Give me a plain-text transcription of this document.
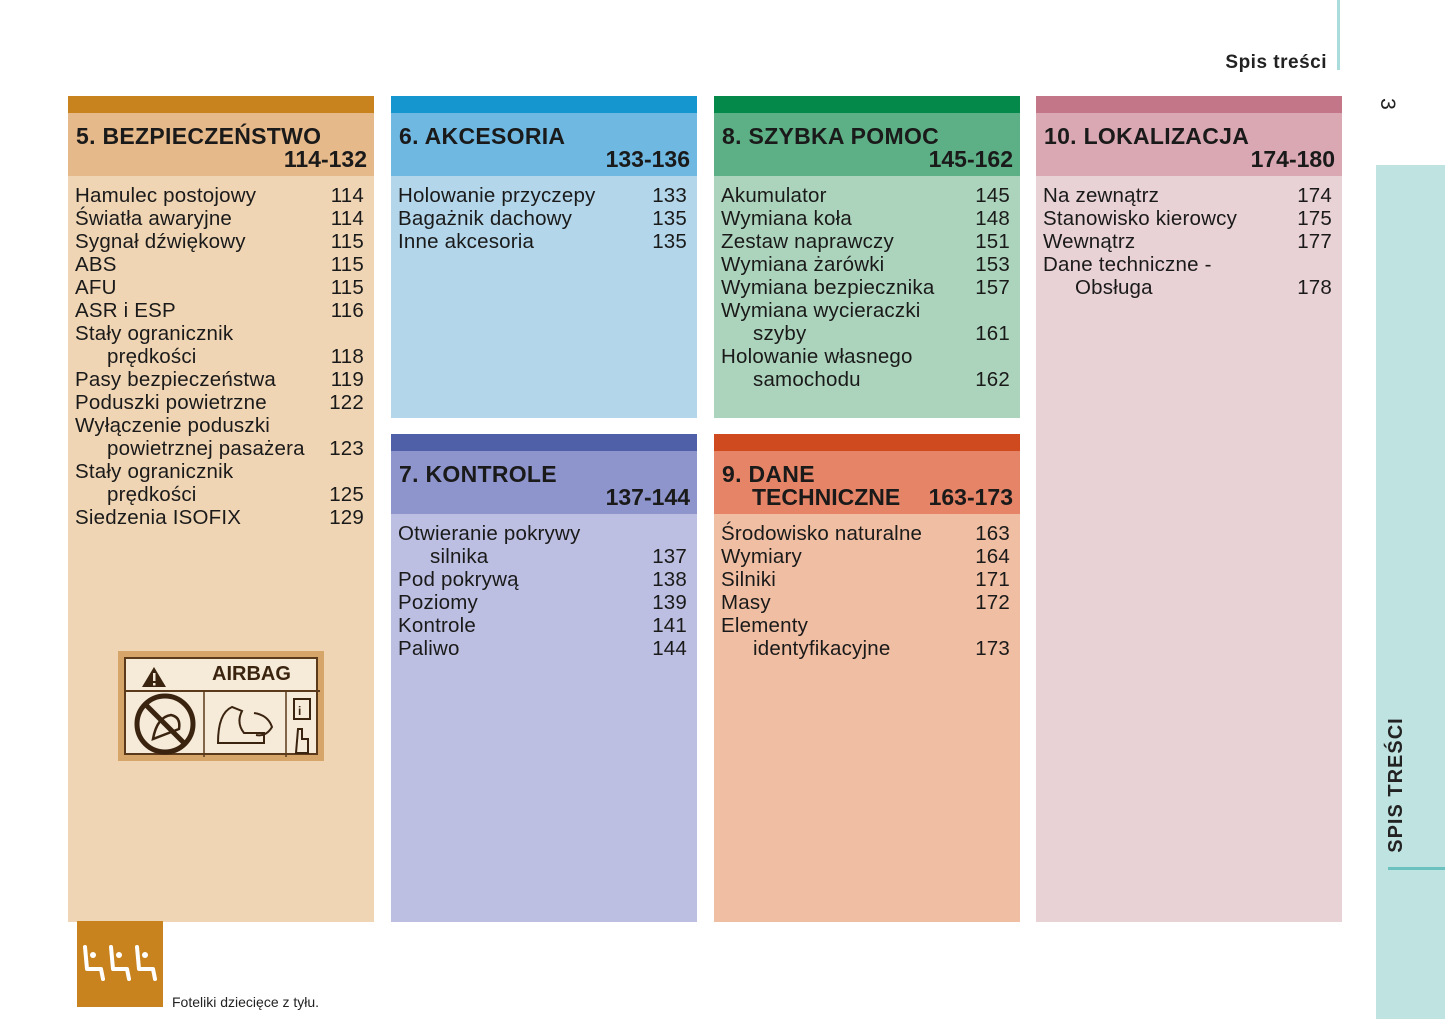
Spis treści
3
SPIS TREŚCI
5. BEZPIECZEŃSTWO
114-132
Hamulec postojowy	114
Światła awaryjne	114
Sygnał dźwiękowy	115
ABS	115
AFU	115
ASR i ESP	116
Stały ogranicznik
prędkości	118
Pasy bezpieczeństwa	119
Poduszki powietrzne	122
Wyłączenie poduszki
powietrznej pasażera	123
Stały ogranicznik
prędkości	125
Siedzenia ISOFIX	129
i
AIRBAG
Foteliki dziecięce z tyłu.
6. AKCESORIA
133-136
Holowanie przyczepy	133
Bagażnik dachowy	135
Inne akcesoria	135
7. KONTROLE
137-144
Otwieranie pokrywy
silnika	137
Pod pokrywą	138
Poziomy	139
Kontrole	141
Paliwo	144
8. SZYBKA POMOC
145-162
Akumulator	145
Wymiana koła	148
Zestaw naprawczy	151
Wymiana żarówki	153
Wymiana bezpiecznika	157
Wymiana wycieraczki
szyby	161
Holowanie własnego
samochodu	162
9. DANE
TECHNICZNE 163-173
Środowisko naturalne	163
Wymiary	164
Silniki	171
Masy	172
Elementy
identyfikacyjne	173
10. LOKALIZACJA
174-180
Na zewnątrz	174
Stanowisko kierowcy	175
Wewnątrz	177
Dane techniczne -
Obsługa	178
